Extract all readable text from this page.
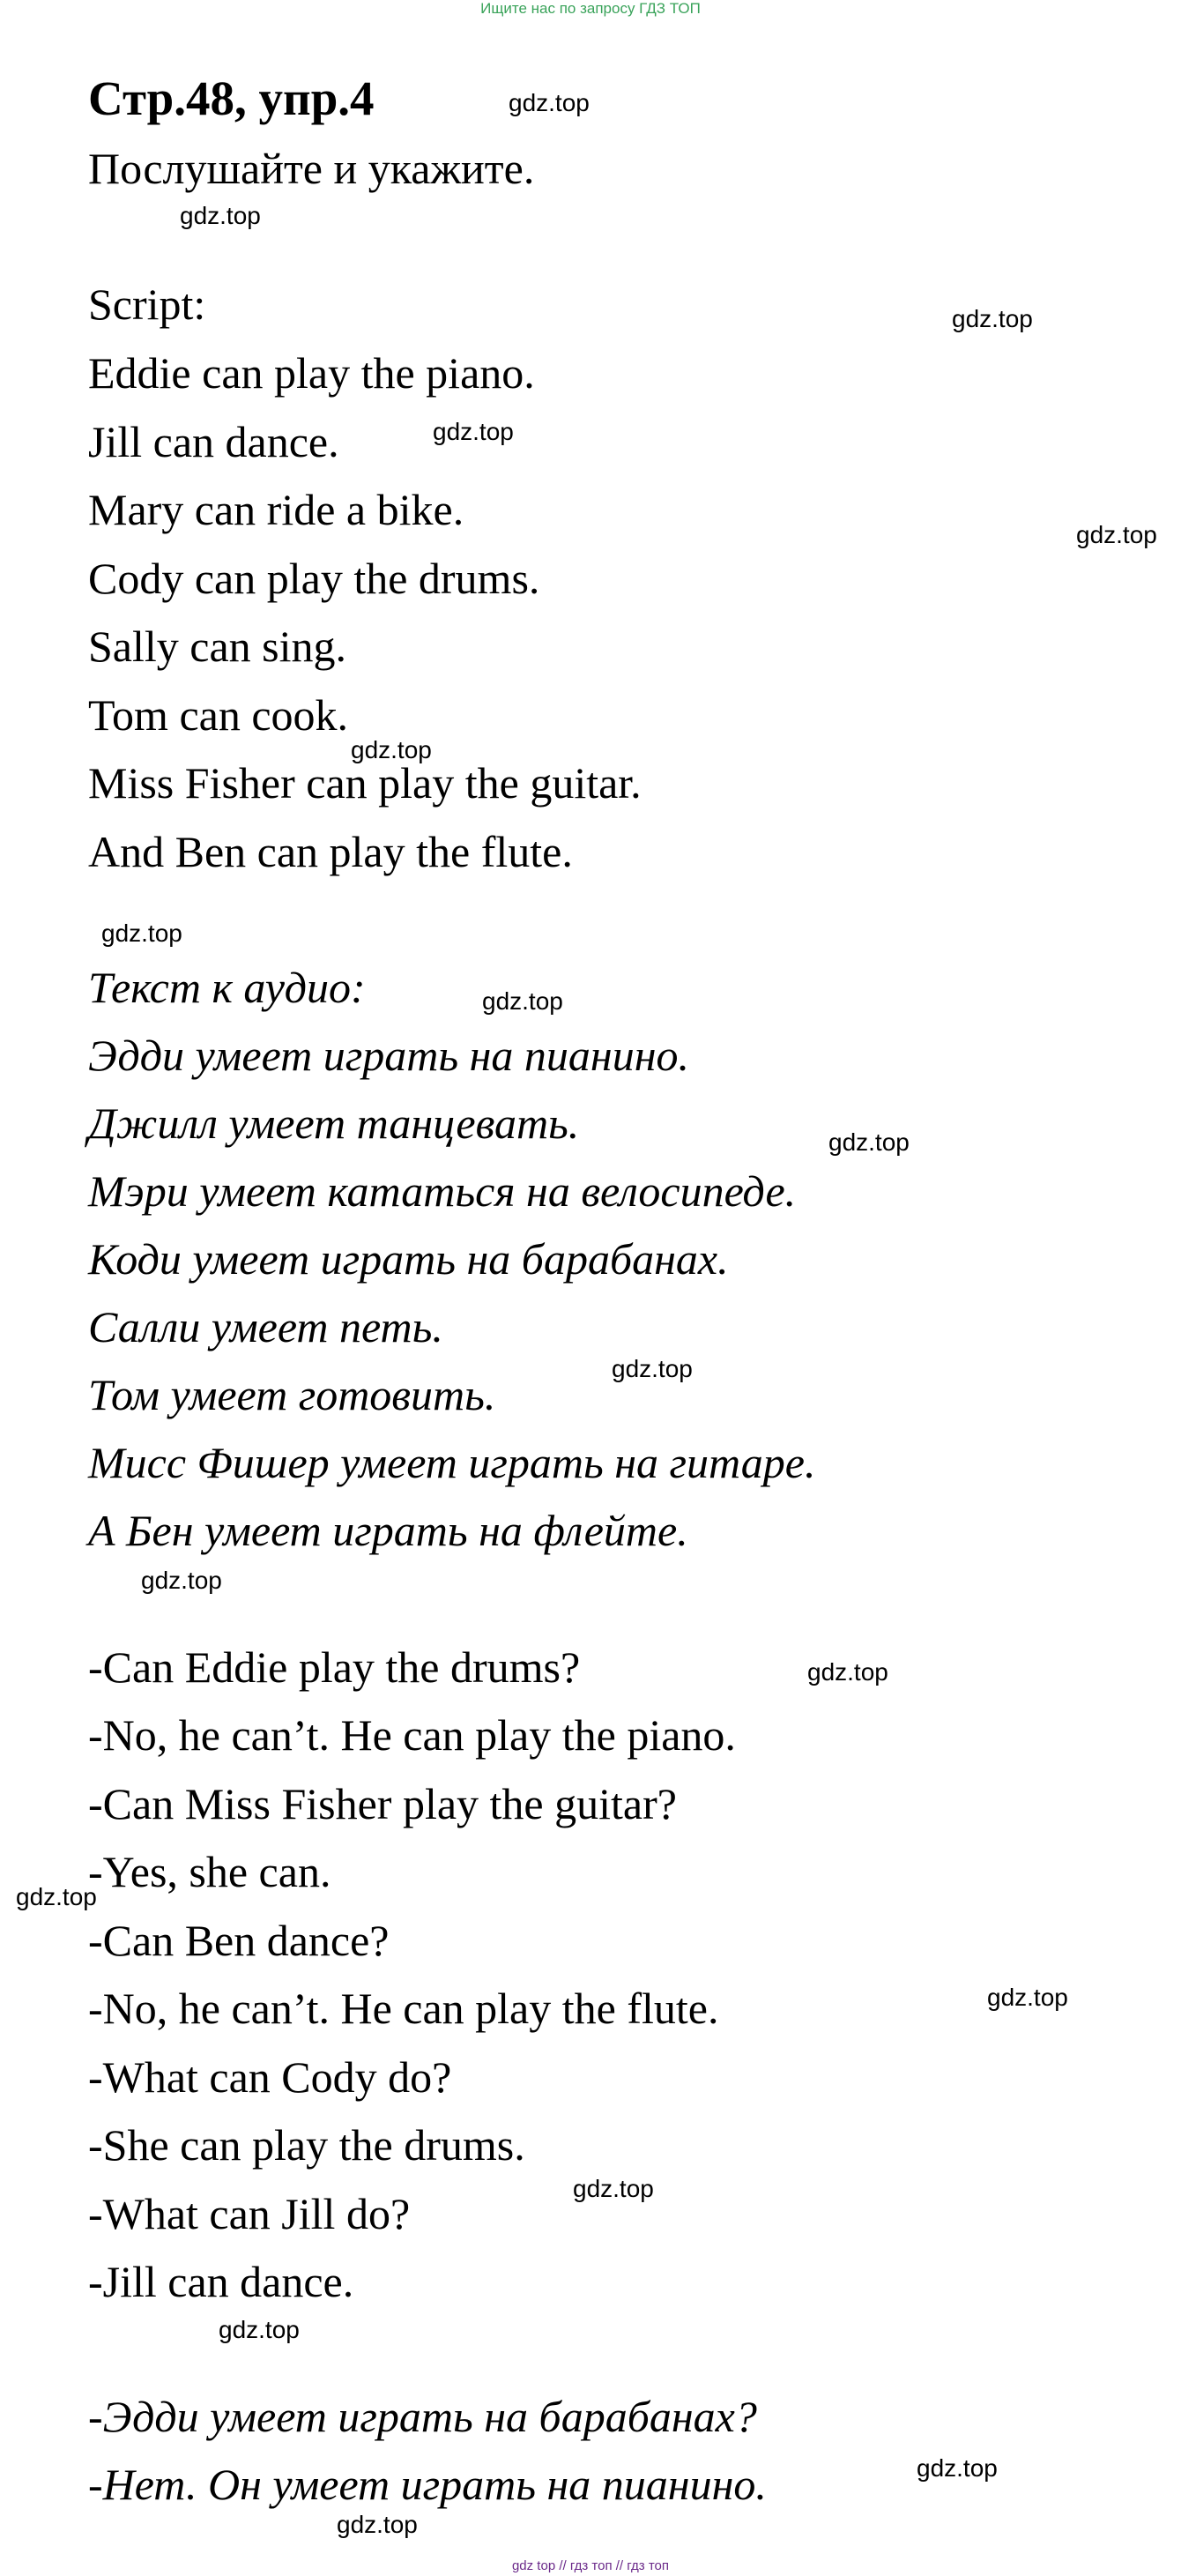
Ищите нас по запросу ГДЗ ТОП
Стр.48, упр.4
Послушайте и укажите.
Script:
Eddie can play the piano.
Jill can dance.
Mary can ride a bike.
Cody can play the drums.
Sally can sing.
Tom can cook.
Miss Fisher can play the guitar.
And Ben can play the flute.
Текст к аудио:
Эдди умеет играть на пианино.
Джилл умеет танцевать.
Мэри умеет кататься на велосипеде.
Коди умеет играть на барабанах.
Салли умеет петь.
Том умеет готовить.
Мисс Фишер умеет играть на гитаре.
А Бен умеет играть на флейте.
-Can Eddie play the drums?
-No, he can’t. He can play the piano.
-Can Miss Fisher play the guitar?
-Yes, she can.
-Can Ben dance?
-No, he can’t. He can play the flute.
-What can Cody do?
-She can play the drums.
-What can Jill do?
-Jill can dance.
-Эдди умеет играть на барабанах?
-Нет. Он умеет играть на пианино.
gdz.top
gdz.top
gdz.top
gdz.top
gdz.top
gdz.top
gdz.top
gdz.top
gdz.top
gdz.top
gdz.top
gdz.top
gdz.top
gdz.top
gdz.top
gdz.top
gdz.top
gdz.top
gdz top // гдз топ // гдз топ
